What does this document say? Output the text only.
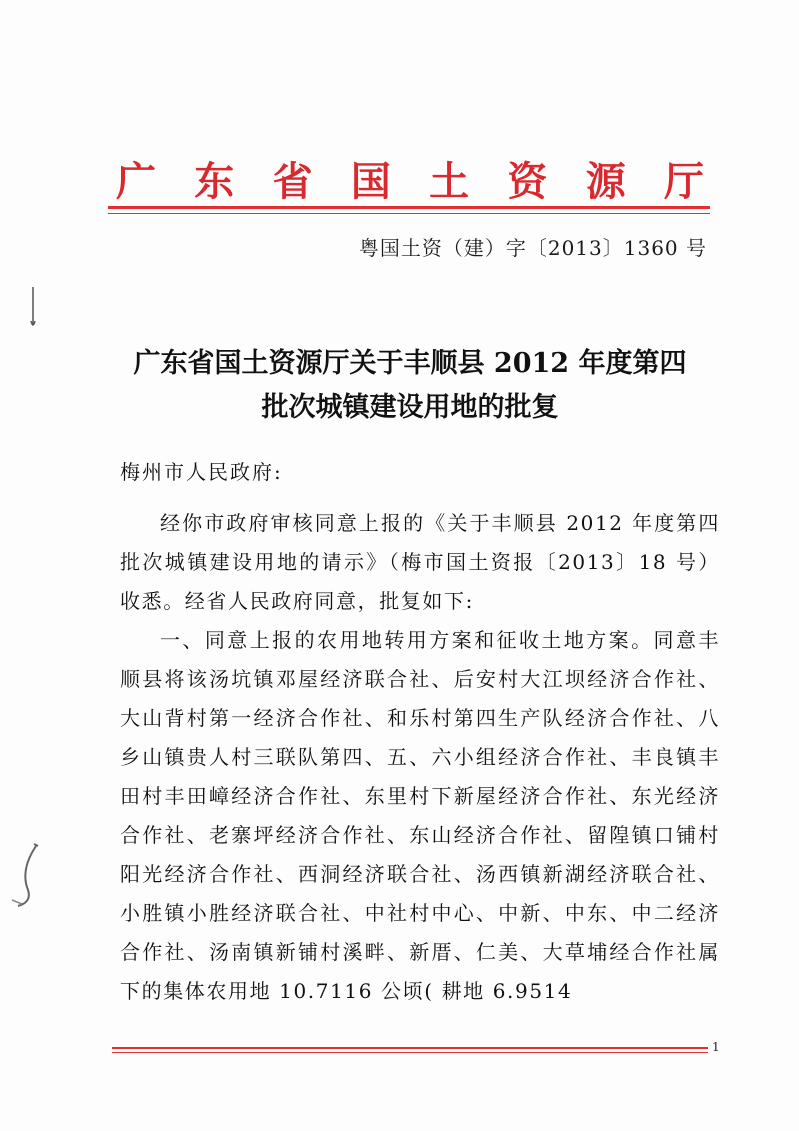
广 东 省 国 土 资 源 厅
粤国土资（建）字〔2013〕1360 号
广东省国土资源厅关于丰顺县 2012 年度第四
批次城镇建设用地的批复
梅州市人民政府:

经你市政府审核同意上报的《关于丰顺县 2012 年度第四批次城镇建设用地的请示》（梅市国土资报〔2013〕18 号）收悉。经省人民政府同意，批复如下:

一、同意上报的农用地转用方案和征收土地方案。同意丰顺县将该汤坑镇邓屋经济联合社、后安村大江坝经济合作社、大山背村第一经济合作社、和乐村第四生产队经济合作社、八乡山镇贵人村三联队第四、五、六小组经济合作社、丰良镇丰田村丰田嶂经济合作社、东里村下新屋经济合作社、东光经济合作社、老寨坪经济合作社、东山经济合作社、留隍镇口铺村阳光经济合作社、西洞经济联合社、汤西镇新湖经济联合社、小胜镇小胜经济联合社、中社村中心、中新、中东、中二经济合作社、汤南镇新铺村溪畔、新厝、仁美、大草埔经合作社属下的集体农用地 10.7116 公顷( 耕地 6.9514

1
